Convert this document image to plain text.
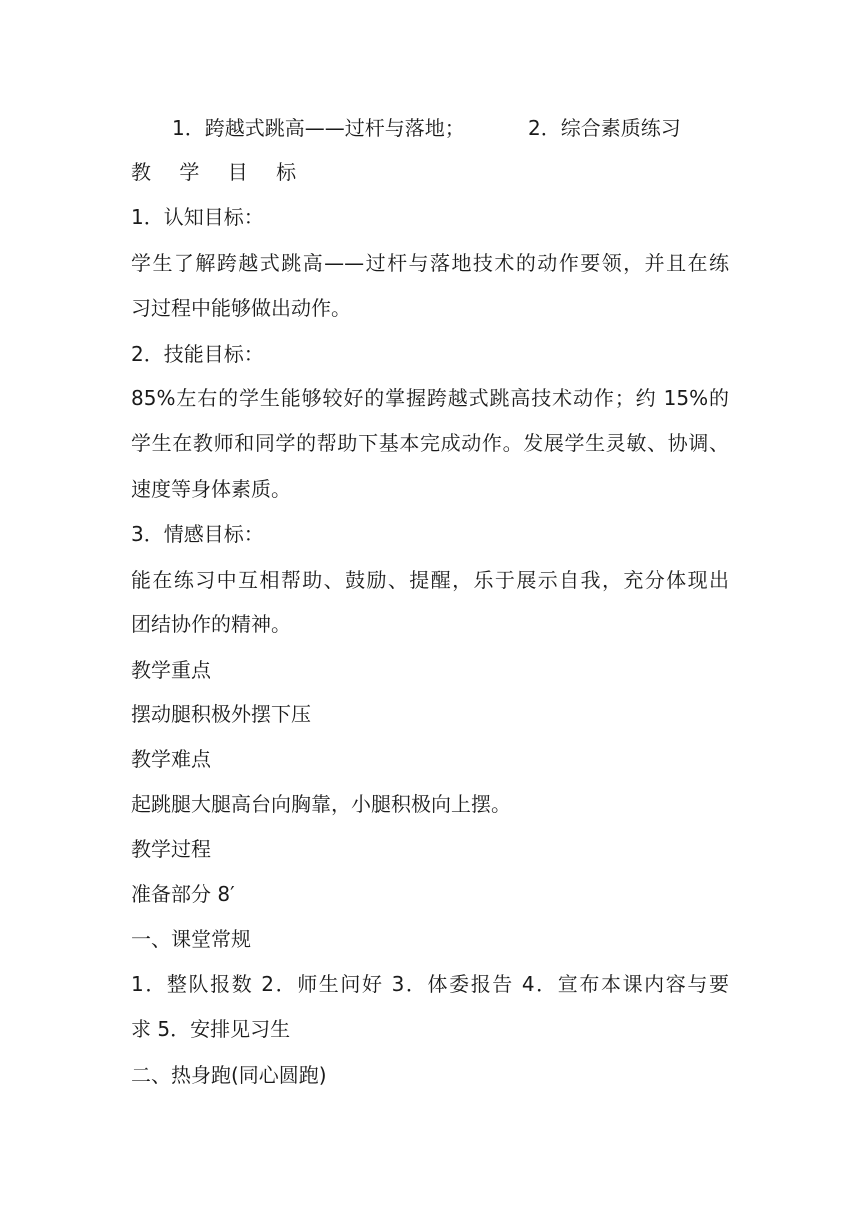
1．跨越式跳高——过杆与落地；	2．综合素质练习
教 学 目 标
1．认知目标：
学生了解跨越式跳高——过杆与落地技术的动作要领，并且在练
习过程中能够做出动作。
2．技能目标：
85%左右的学生能够较好的掌握跨越式跳高技术动作；约 15%的
学生在教师和同学的帮助下基本完成动作。发展学生灵敏、协调、
速度等身体素质。
3．情感目标：
能在练习中互相帮助、鼓励、提醒，乐于展示自我，充分体现出
团结协作的精神。
教学重点
摆动腿积极外摆下压
教学难点
起跳腿大腿高台向胸靠，小腿积极向上摆。
教学过程
准备部分 8′
一、课堂常规
1．整队报数 2．师生问好 3．体委报告 4．宣布本课内容与要
求 5．安排见习生
二、热身跑(同心圆跑)
